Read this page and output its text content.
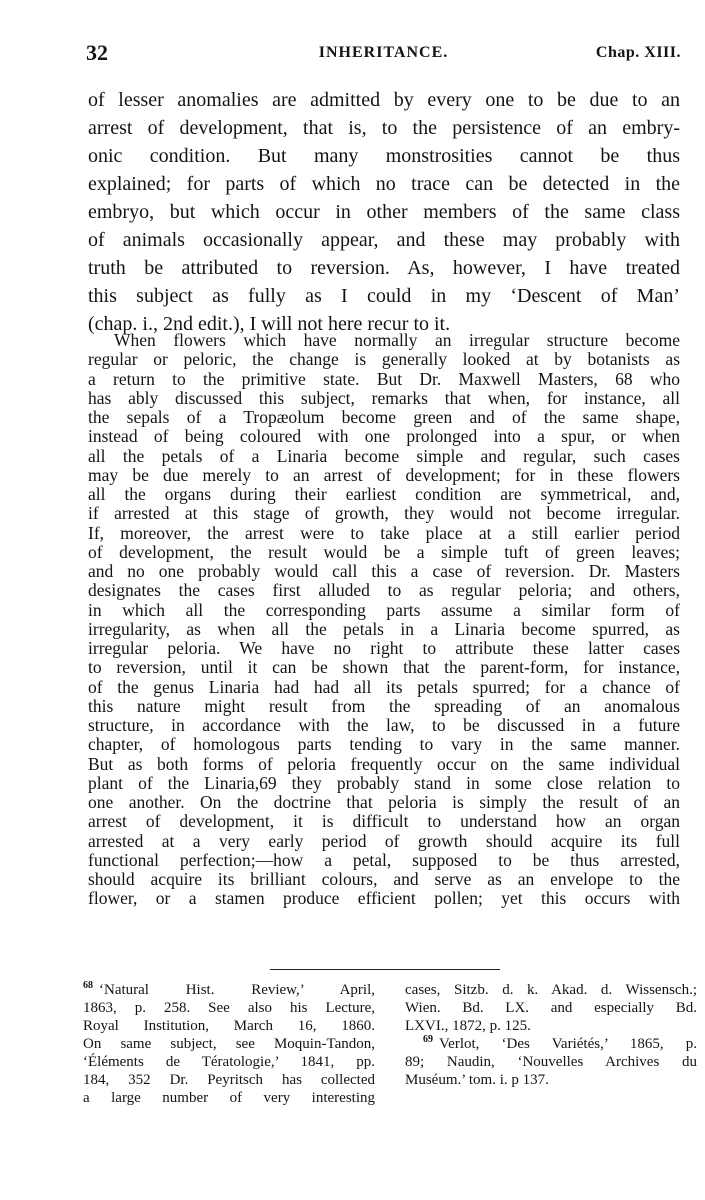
32	INHERITANCE.	Chap. XIII.
of lesser anomalies are admitted by every one to be due to an
arrest of development, that is, to the persistence of an embry-
onic condition. But many monstrosities cannot be thus
explained; for parts of which no trace can be detected in the
embryo, but which occur in other members of the same class
of animals occasionally appear, and these may probably with
truth be attributed to reversion. As, however, I have treated
this subject as fully as I could in my ‘Descent of Man’
(chap. i., 2nd edit.), I will not here recur to it.
When flowers which have normally an irregular structure become
regular or peloric, the change is generally looked at by botanists as
a return to the primitive state. But Dr. Maxwell Masters, 68 who
has ably discussed this subject, remarks that when, for instance, all
the sepals of a Tropæolum become green and of the same shape,
instead of being coloured with one prolonged into a spur, or when
all the petals of a Linaria become simple and regular, such cases
may be due merely to an arrest of development; for in these flowers
all the organs during their earliest condition are symmetrical, and,
if arrested at this stage of growth, they would not become irregular.
If, moreover, the arrest were to take place at a still earlier period
of development, the result would be a simple tuft of green leaves;
and no one probably would call this a case of reversion. Dr. Masters
designates the cases first alluded to as regular peloria; and others,
in which all the corresponding parts assume a similar form of
irregularity, as when all the petals in a Linaria become spurred, as
irregular peloria. We have no right to attribute these latter cases
to reversion, until it can be shown that the parent-form, for instance,
of the genus Linaria had had all its petals spurred; for a chance of
this nature might result from the spreading of an anomalous
structure, in accordance with the law, to be discussed in a future
chapter, of homologous parts tending to vary in the same manner.
But as both forms of peloria frequently occur on the same individual
plant of the Linaria,69 they probably stand in some close relation to
one another. On the doctrine that peloria is simply the result of an
arrest of development, it is difficult to understand how an organ
arrested at a very early period of growth should acquire its full
functional perfection;—how a petal, supposed to be thus arrested,
should acquire its brilliant colours, and serve as an envelope to the
flower, or a stamen produce efficient pollen; yet this occurs with
$^{68}$ ‘Natural Hist. Review,’ April,
1863, p. 258. See also his Lecture,
Royal Institution, March 16, 1860.
On same subject, see Moquin-Tandon,
‘Éléments de Tératologie,’ 1841, pp.
184, 352 Dr. Peyritsch has collected
a large number of very interesting
cases, Sitzb. d. k. Akad. d. Wissensch.;
Wien. Bd. LX. and especially Bd.
LXVI., 1872, p. 125.
$^{69}$ Verlot, ‘Des Variétés,’ 1865, p.
89; Naudin, ‘Nouvelles Archives du
Muséum.’ tom. i. p 137.
